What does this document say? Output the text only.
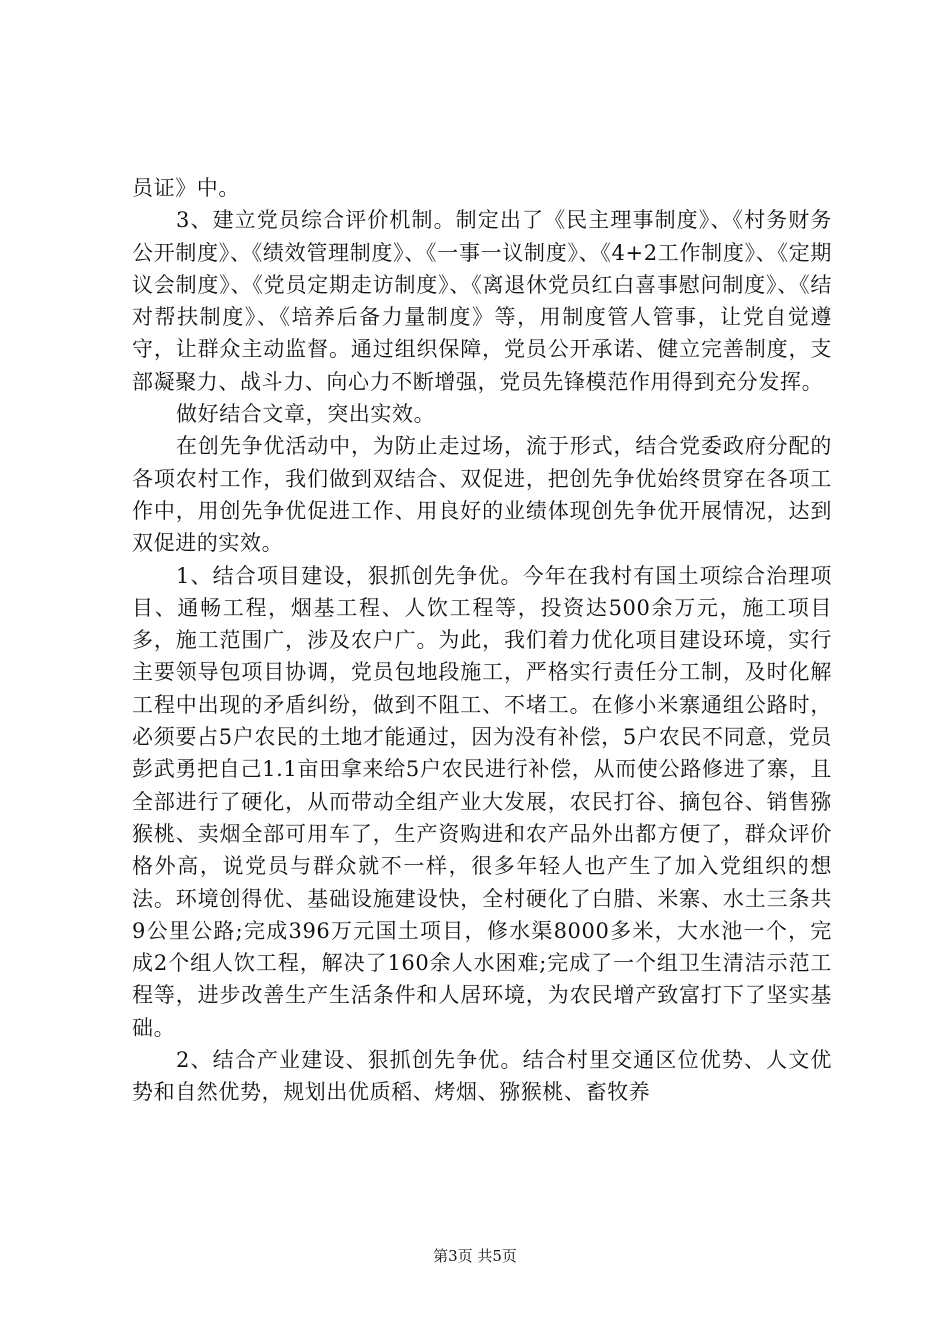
员证》中。

3、建立党员综合评价机制。制定出了《民主理事制度》、《村务财务公开制度》、《绩效管理制度》、《一事一议制度》、《4+2工作制度》、《定期议会制度》、《党员定期走访制度》、《离退休党员红白喜事慰问制度》、《结对帮扶制度》、《培养后备力量制度》等，用制度管人管事，让党自觉遵守，让群众主动监督。通过组织保障，党员公开承诺、健立完善制度，支部凝聚力、战斗力、向心力不断增强，党员先锋模范作用得到充分发挥。

做好结合文章，突出实效。

在创先争优活动中，为防止走过场，流于形式，结合党委政府分配的各项农村工作，我们做到双结合、双促进，把创先争优始终贯穿在各项工作中，用创先争优促进工作、用良好的业绩体现创先争优开展情况，达到双促进的实效。

1、结合项目建设，狠抓创先争优。今年在我村有国土项综合治理项目、通畅工程，烟基工程、人饮工程等，投资达500余万元，施工项目多，施工范围广，涉及农户广。为此，我们着力优化项目建设环境，实行主要领导包项目协调，党员包地段施工，严格实行责任分工制，及时化解工程中出现的矛盾纠纷，做到不阻工、不堵工。在修小米寨通组公路时，必须要占5户农民的土地才能通过，因为没有补偿，5户农民不同意，党员彭武勇把自己1.1亩田拿来给5户农民进行补偿，从而使公路修进了寨，且全部进行了硬化，从而带动全组产业大发展，农民打谷、摘包谷、销售猕猴桃、卖烟全部可用车了，生产资购进和农产品外出都方便了，群众评价格外高，说党员与群众就不一样，很多年轻人也产生了加入党组织的想法。环境创得优、基础设施建设快，全村硬化了白腊、米寨、水土三条共9公里公路;完成396万元国土项目，修水渠8000多米，大水池一个，完成2个组人饮工程，解决了160余人水困难;完成了一个组卫生清洁示范工程等，进步改善生产生活条件和人居环境，为农民增产致富打下了坚实基础。

2、结合产业建设、狠抓创先争优。结合村里交通区位优势、人文优势和自然优势，规划出优质稻、烤烟、猕猴桃、畜牧养

第3页 共5页
